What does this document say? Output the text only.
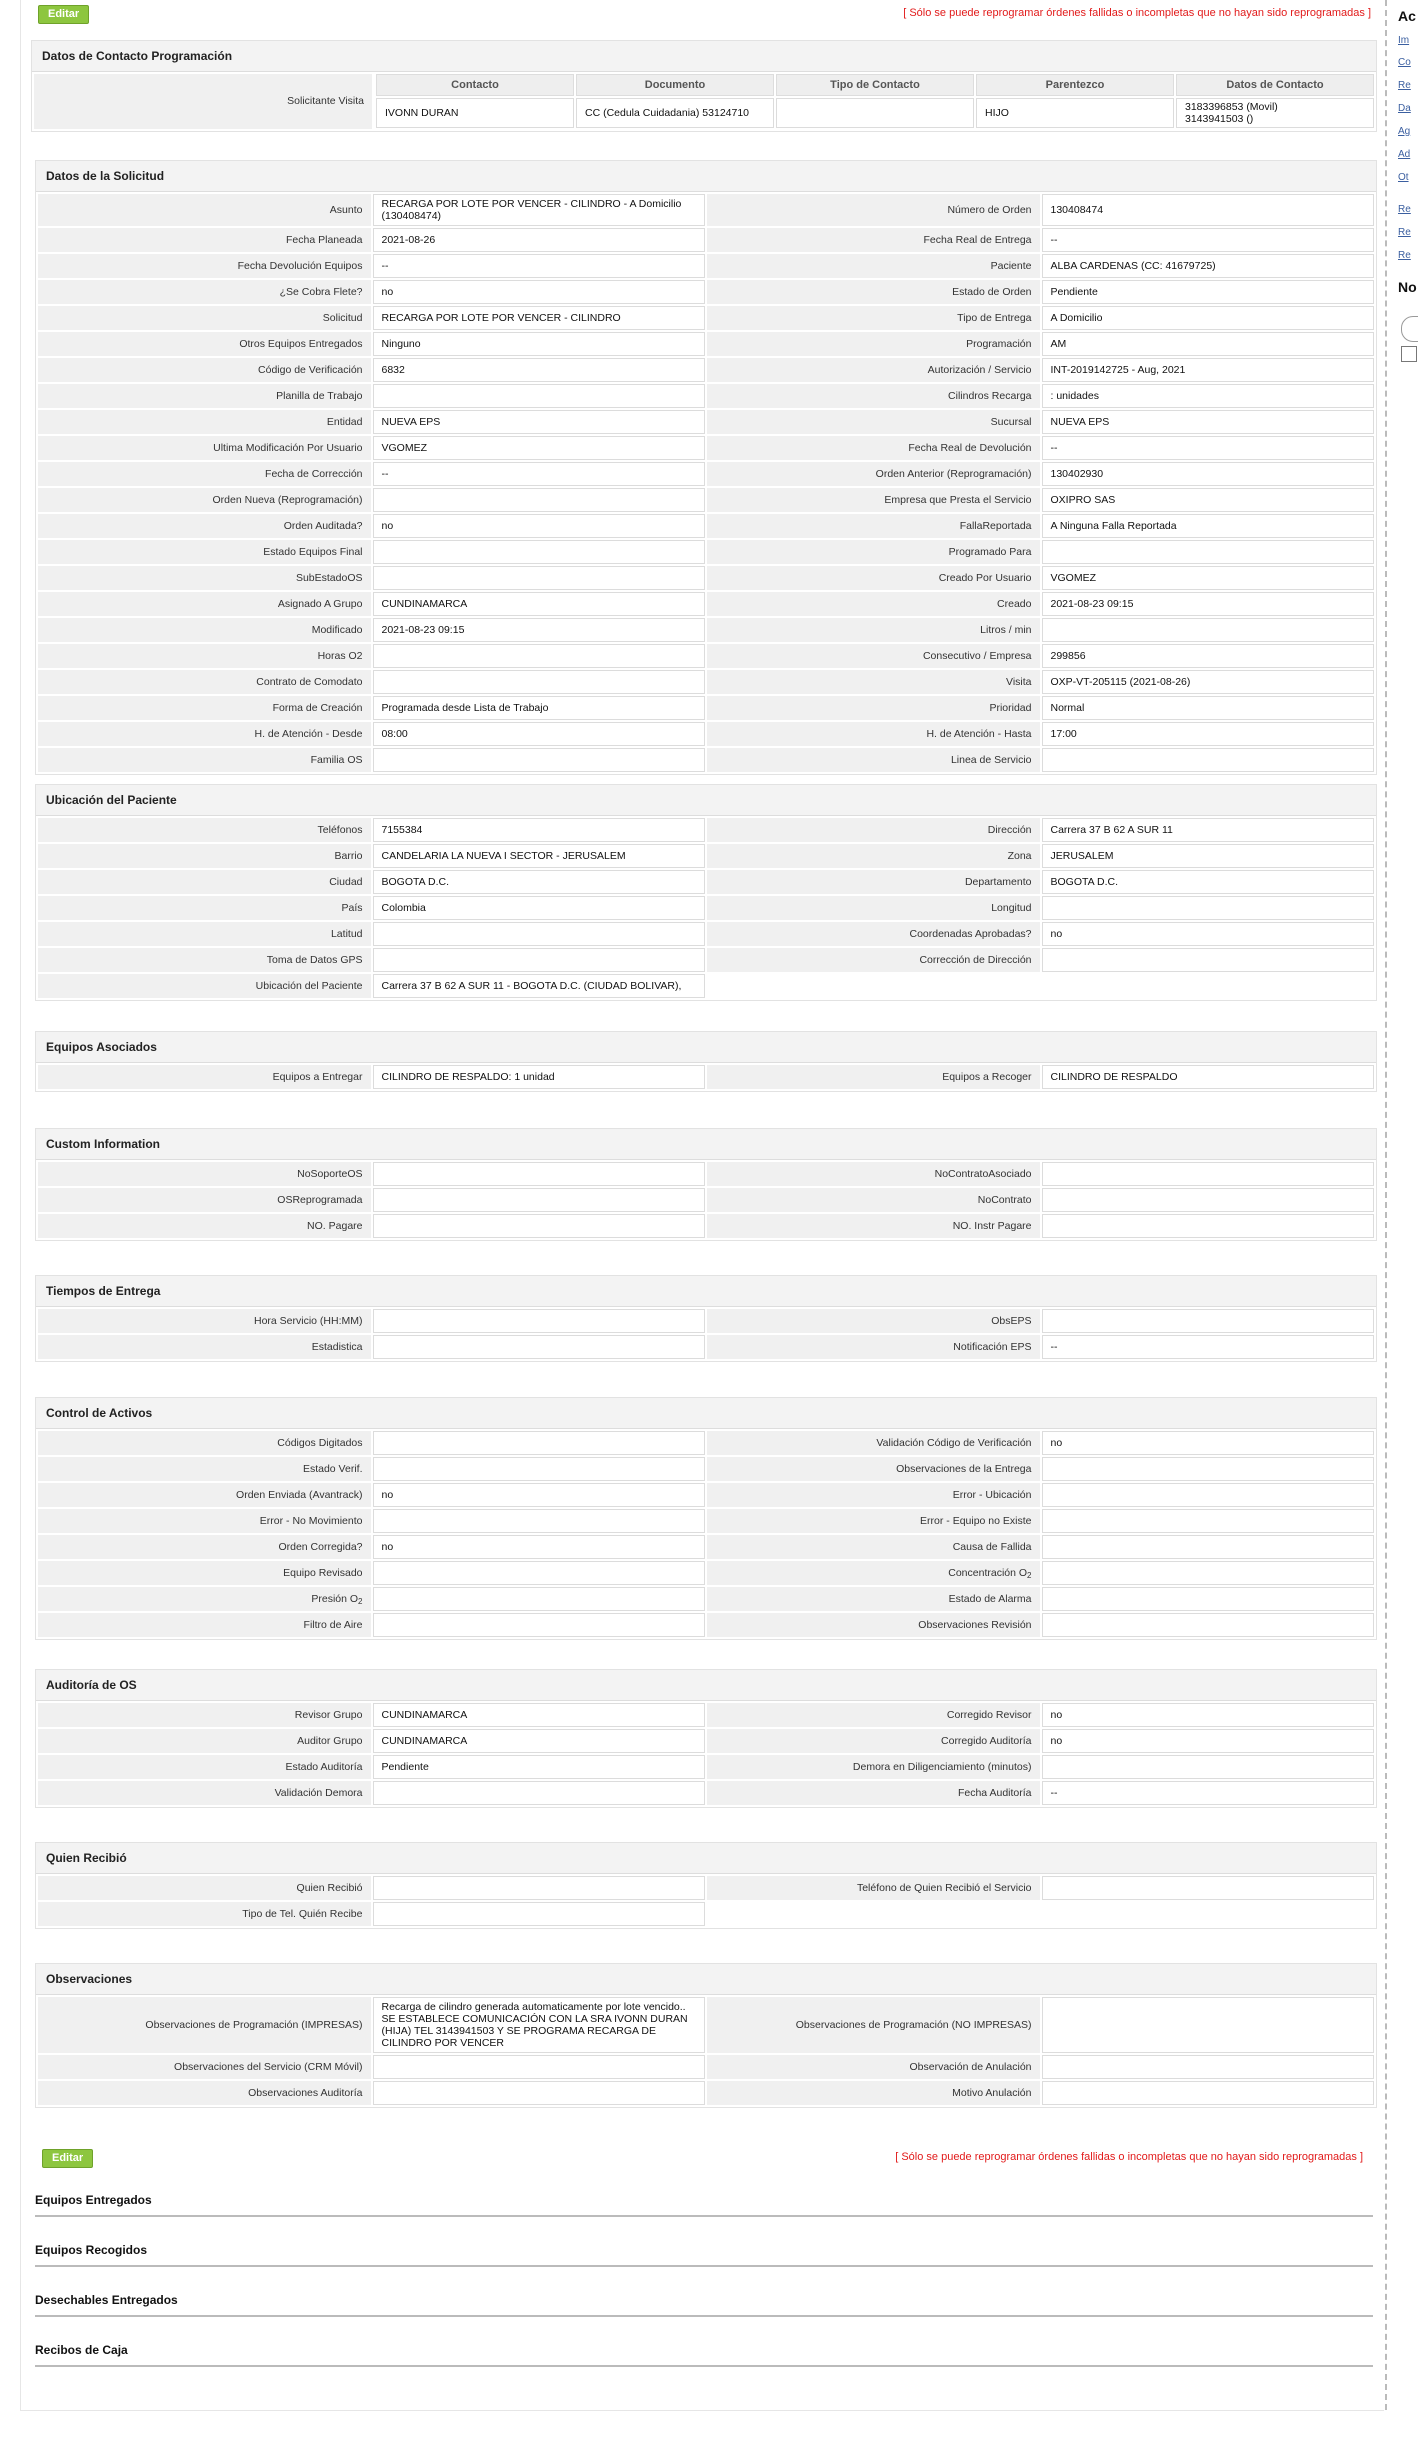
Editar	[ Sólo se puede reprogramar órdenes fallidas o incompletas que no hayan sido reprogramadas ]
Datos de Contacto Programación
Solicitante Visita
Contacto	Documento	Tipo de Contacto	Parentezco	Datos de Contacto
IVONN DURAN	CC (Cedula Cuidadania) 53124710		HIJO	3183396853 (Movil)
3143941503 ()
Datos de la Solicitud
Asunto	RECARGA POR LOTE POR VENCER - CILINDRO - A Domicilio (130408474)	Número de Orden	130408474
Fecha Planeada	2021-08-26	Fecha Real de Entrega	--
Fecha Devolución Equipos	--	Paciente	ALBA CARDENAS (CC: 41679725)
¿Se Cobra Flete?	no	Estado de Orden	Pendiente
Solicitud	RECARGA POR LOTE POR VENCER - CILINDRO	Tipo de Entrega	A Domicilio
Otros Equipos Entregados	Ninguno	Programación	AM
Código de Verificación	6832	Autorización / Servicio	INT-2019142725 - Aug, 2021
Planilla de Trabajo		Cilindros Recarga	: unidades
Entidad	NUEVA EPS	Sucursal	NUEVA EPS
Ultima Modificación Por Usuario	VGOMEZ	Fecha Real de Devolución	--
Fecha de Corrección	--	Orden Anterior (Reprogramación)	130402930
Orden Nueva (Reprogramación)		Empresa que Presta el Servicio	OXIPRO SAS
Orden Auditada?	no	FallaReportada	A Ninguna Falla Reportada
Estado Equipos Final		Programado Para	
SubEstadoOS		Creado Por Usuario	VGOMEZ
Asignado A Grupo	CUNDINAMARCA	Creado	2021-08-23 09:15
Modificado	2021-08-23 09:15	Litros / min	
Horas O2		Consecutivo / Empresa	299856
Contrato de Comodato		Visita	OXP-VT-205115 (2021-08-26)
Forma de Creación	Programada desde Lista de Trabajo	Prioridad	Normal
H. de Atención - Desde	08:00	H. de Atención - Hasta	17:00
Familia OS		Linea de Servicio	
Ubicación del Paciente
Teléfonos	7155384	Dirección	Carrera 37 B 62 A SUR 11
Barrio	CANDELARIA LA NUEVA I SECTOR - JERUSALEM	Zona	JERUSALEM
Ciudad	BOGOTA D.C.	Departamento	BOGOTA D.C.
País	Colombia	Longitud	
Latitud		Coordenadas Aprobadas?	no
Toma de Datos GPS		Corrección de Dirección	
Ubicación del Paciente	Carrera 37 B 62 A SUR 11 - BOGOTA D.C. (CIUDAD BOLIVAR),		
Equipos Asociados
Equipos a Entregar	CILINDRO DE RESPALDO: 1 unidad	Equipos a Recoger	CILINDRO DE RESPALDO
Custom Information
NoSoporteOS		NoContratoAsociado	
OSReprogramada		NoContrato	
NO. Pagare		NO. Instr Pagare	
Tiempos de Entrega
Hora Servicio (HH:MM)		ObsEPS	
Estadistica		Notificación EPS	--
Control de Activos
Códigos Digitados		Validación Código de Verificación	no
Estado Verif.		Observaciones de la Entrega	
Orden Enviada (Avantrack)	no	Error - Ubicación	
Error - No Movimiento		Error - Equipo no Existe	
Orden Corregida?	no	Causa de Fallida	
Equipo Revisado		Concentración $O_2$	
Presión $O_2$		Estado de Alarma	
Filtro de Aire		Observaciones Revisión	
Auditoría de OS
Revisor Grupo	CUNDINAMARCA	Corregido Revisor	no
Auditor Grupo	CUNDINAMARCA	Corregido Auditoría	no
Estado Auditoría	Pendiente	Demora en Diligenciamiento (minutos)	
Validación Demora		Fecha Auditoría	--
Quien Recibió
Quien Recibió		Teléfono de Quien Recibió el Servicio	
Tipo de Tel. Quién Recibe			
Observaciones
Observaciones de Programación (IMPRESAS)	Recarga de cilindro generada automaticamente por lote vencido.. SE ESTABLECE COMUNICACIÓN CON LA SRA IVONN DURAN (HIJA) TEL 3143941503 Y SE PROGRAMA RECARGA DE CILINDRO POR VENCER	Observaciones de Programación (NO IMPRESAS)	
Observaciones del Servicio (CRM Móvil)		Observación de Anulación	
Observaciones Auditoría		Motivo Anulación	
Editar	[ Sólo se puede reprogramar órdenes fallidas o incompletas que no hayan sido reprogramadas ]
Equipos Entregados
Equipos Recogidos
Desechables Entregados
Recibos de Caja
Ac
Im
Co
Re
Da
Ag
Ad
Ot
Re
Re
Re
No
